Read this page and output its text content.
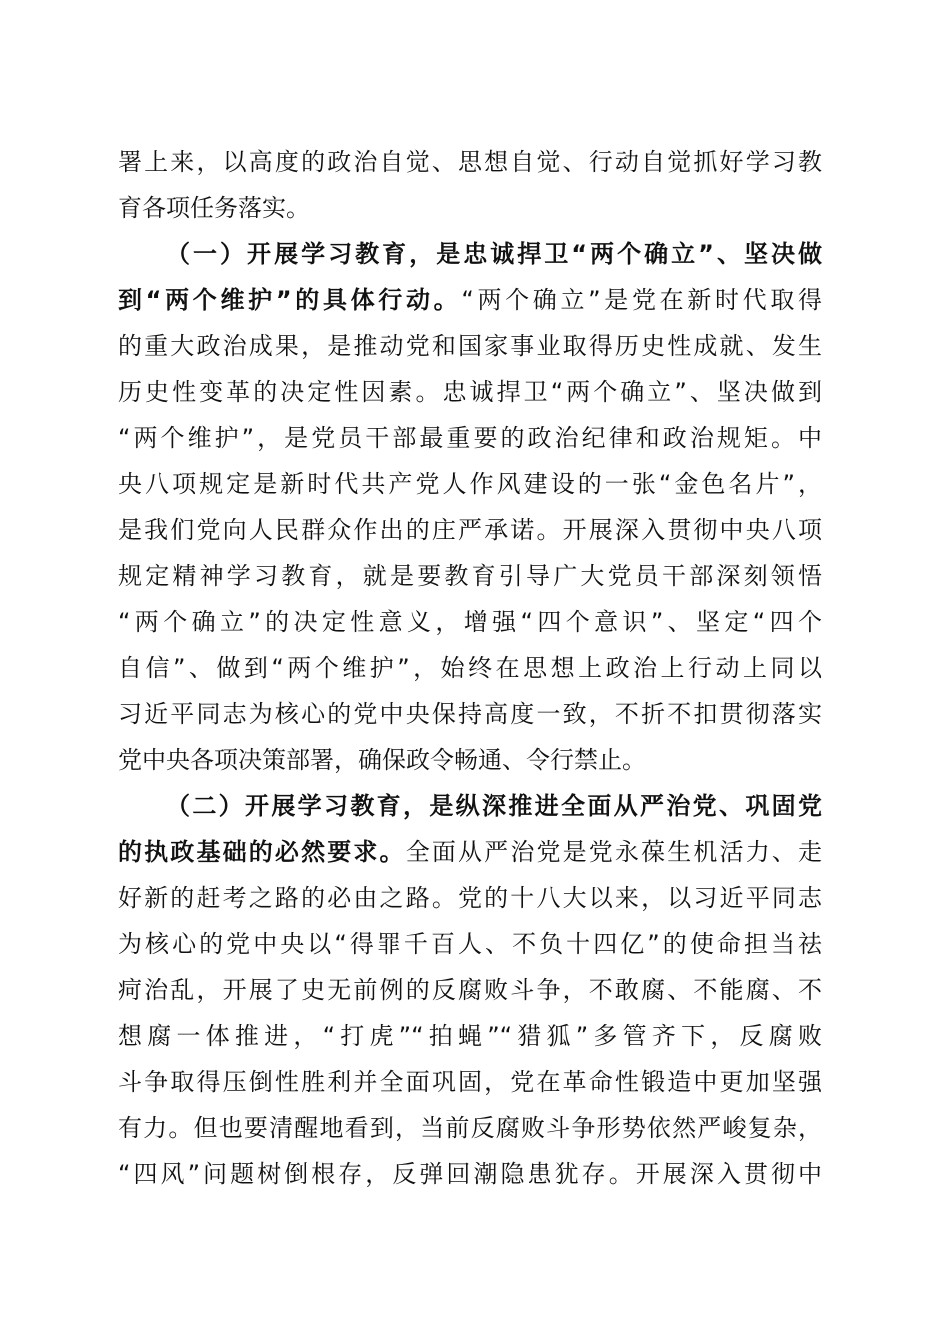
署上来，以高度的政治自觉、思想自觉、行动自觉抓好学习教
育各项任务落实。
（一）开展学习教育，是忠诚捍卫“两个确立”、坚决做
到“两个维护”的具体行动。“两个确立”是党在新时代取得
的重大政治成果，是推动党和国家事业取得历史性成就、发生
历史性变革的决定性因素。忠诚捍卫“两个确立”、坚决做到
“两个维护”，是党员干部最重要的政治纪律和政治规矩。中
央八项规定是新时代共产党人作风建设的一张“金色名片”，
是我们党向人民群众作出的庄严承诺。开展深入贯彻中央八项
规定精神学习教育，就是要教育引导广大党员干部深刻领悟
“两个确立”的决定性意义，增强“四个意识”、坚定“四个
自信”、做到“两个维护”，始终在思想上政治上行动上同以
习近平同志为核心的党中央保持高度一致，不折不扣贯彻落实
党中央各项决策部署，确保政令畅通、令行禁止。
（二）开展学习教育，是纵深推进全面从严治党、巩固党
的执政基础的必然要求。全面从严治党是党永葆生机活力、走
好新的赶考之路的必由之路。党的十八大以来，以习近平同志
为核心的党中央以“得罪千百人、不负十四亿”的使命担当祛
疴治乱，开展了史无前例的反腐败斗争，不敢腐、不能腐、不
想腐一体推进，“打虎”“拍蝇”“猎狐”多管齐下，反腐败
斗争取得压倒性胜利并全面巩固，党在革命性锻造中更加坚强
有力。但也要清醒地看到，当前反腐败斗争形势依然严峻复杂，
“四风”问题树倒根存，反弹回潮隐患犹存。开展深入贯彻中
